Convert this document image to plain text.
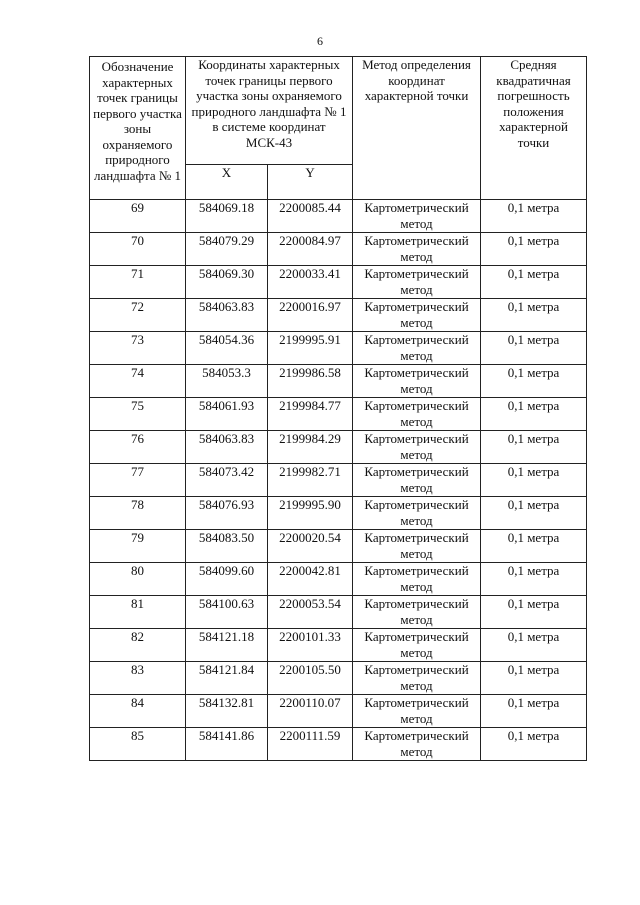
6
Обозначение характерных точек границы первого участка зоны охраняемого природного ландшафта № 1	Координаты характерных точек границы первого участка зоны охраняемого природного ландшафта № 1 в системе координат МСК-43		Метод определения координат характерной точки	Средняя квадратичная погрешность положения характерной точки
	X	Y		
69	584069.18	2200085.44	Картометрический метод	0,1 метра
70	584079.29	2200084.97	Картометрический метод	0,1 метра
71	584069.30	2200033.41	Картометрический метод	0,1 метра
72	584063.83	2200016.97	Картометрический метод	0,1 метра
73	584054.36	2199995.91	Картометрический метод	0,1 метра
74	584053.3	2199986.58	Картометрический метод	0,1 метра
75	584061.93	2199984.77	Картометрический метод	0,1 метра
76	584063.83	2199984.29	Картометрический метод	0,1 метра
77	584073.42	2199982.71	Картометрический метод	0,1 метра
78	584076.93	2199995.90	Картометрический метод	0,1 метра
79	584083.50	2200020.54	Картометрический метод	0,1 метра
80	584099.60	2200042.81	Картометрический метод	0,1 метра
81	584100.63	2200053.54	Картометрический метод	0,1 метра
82	584121.18	2200101.33	Картометрический метод	0,1 метра
83	584121.84	2200105.50	Картометрический метод	0,1 метра
84	584132.81	2200110.07	Картометрический метод	0,1 метра
85	584141.86	2200111.59	Картометрический метод	0,1 метра
